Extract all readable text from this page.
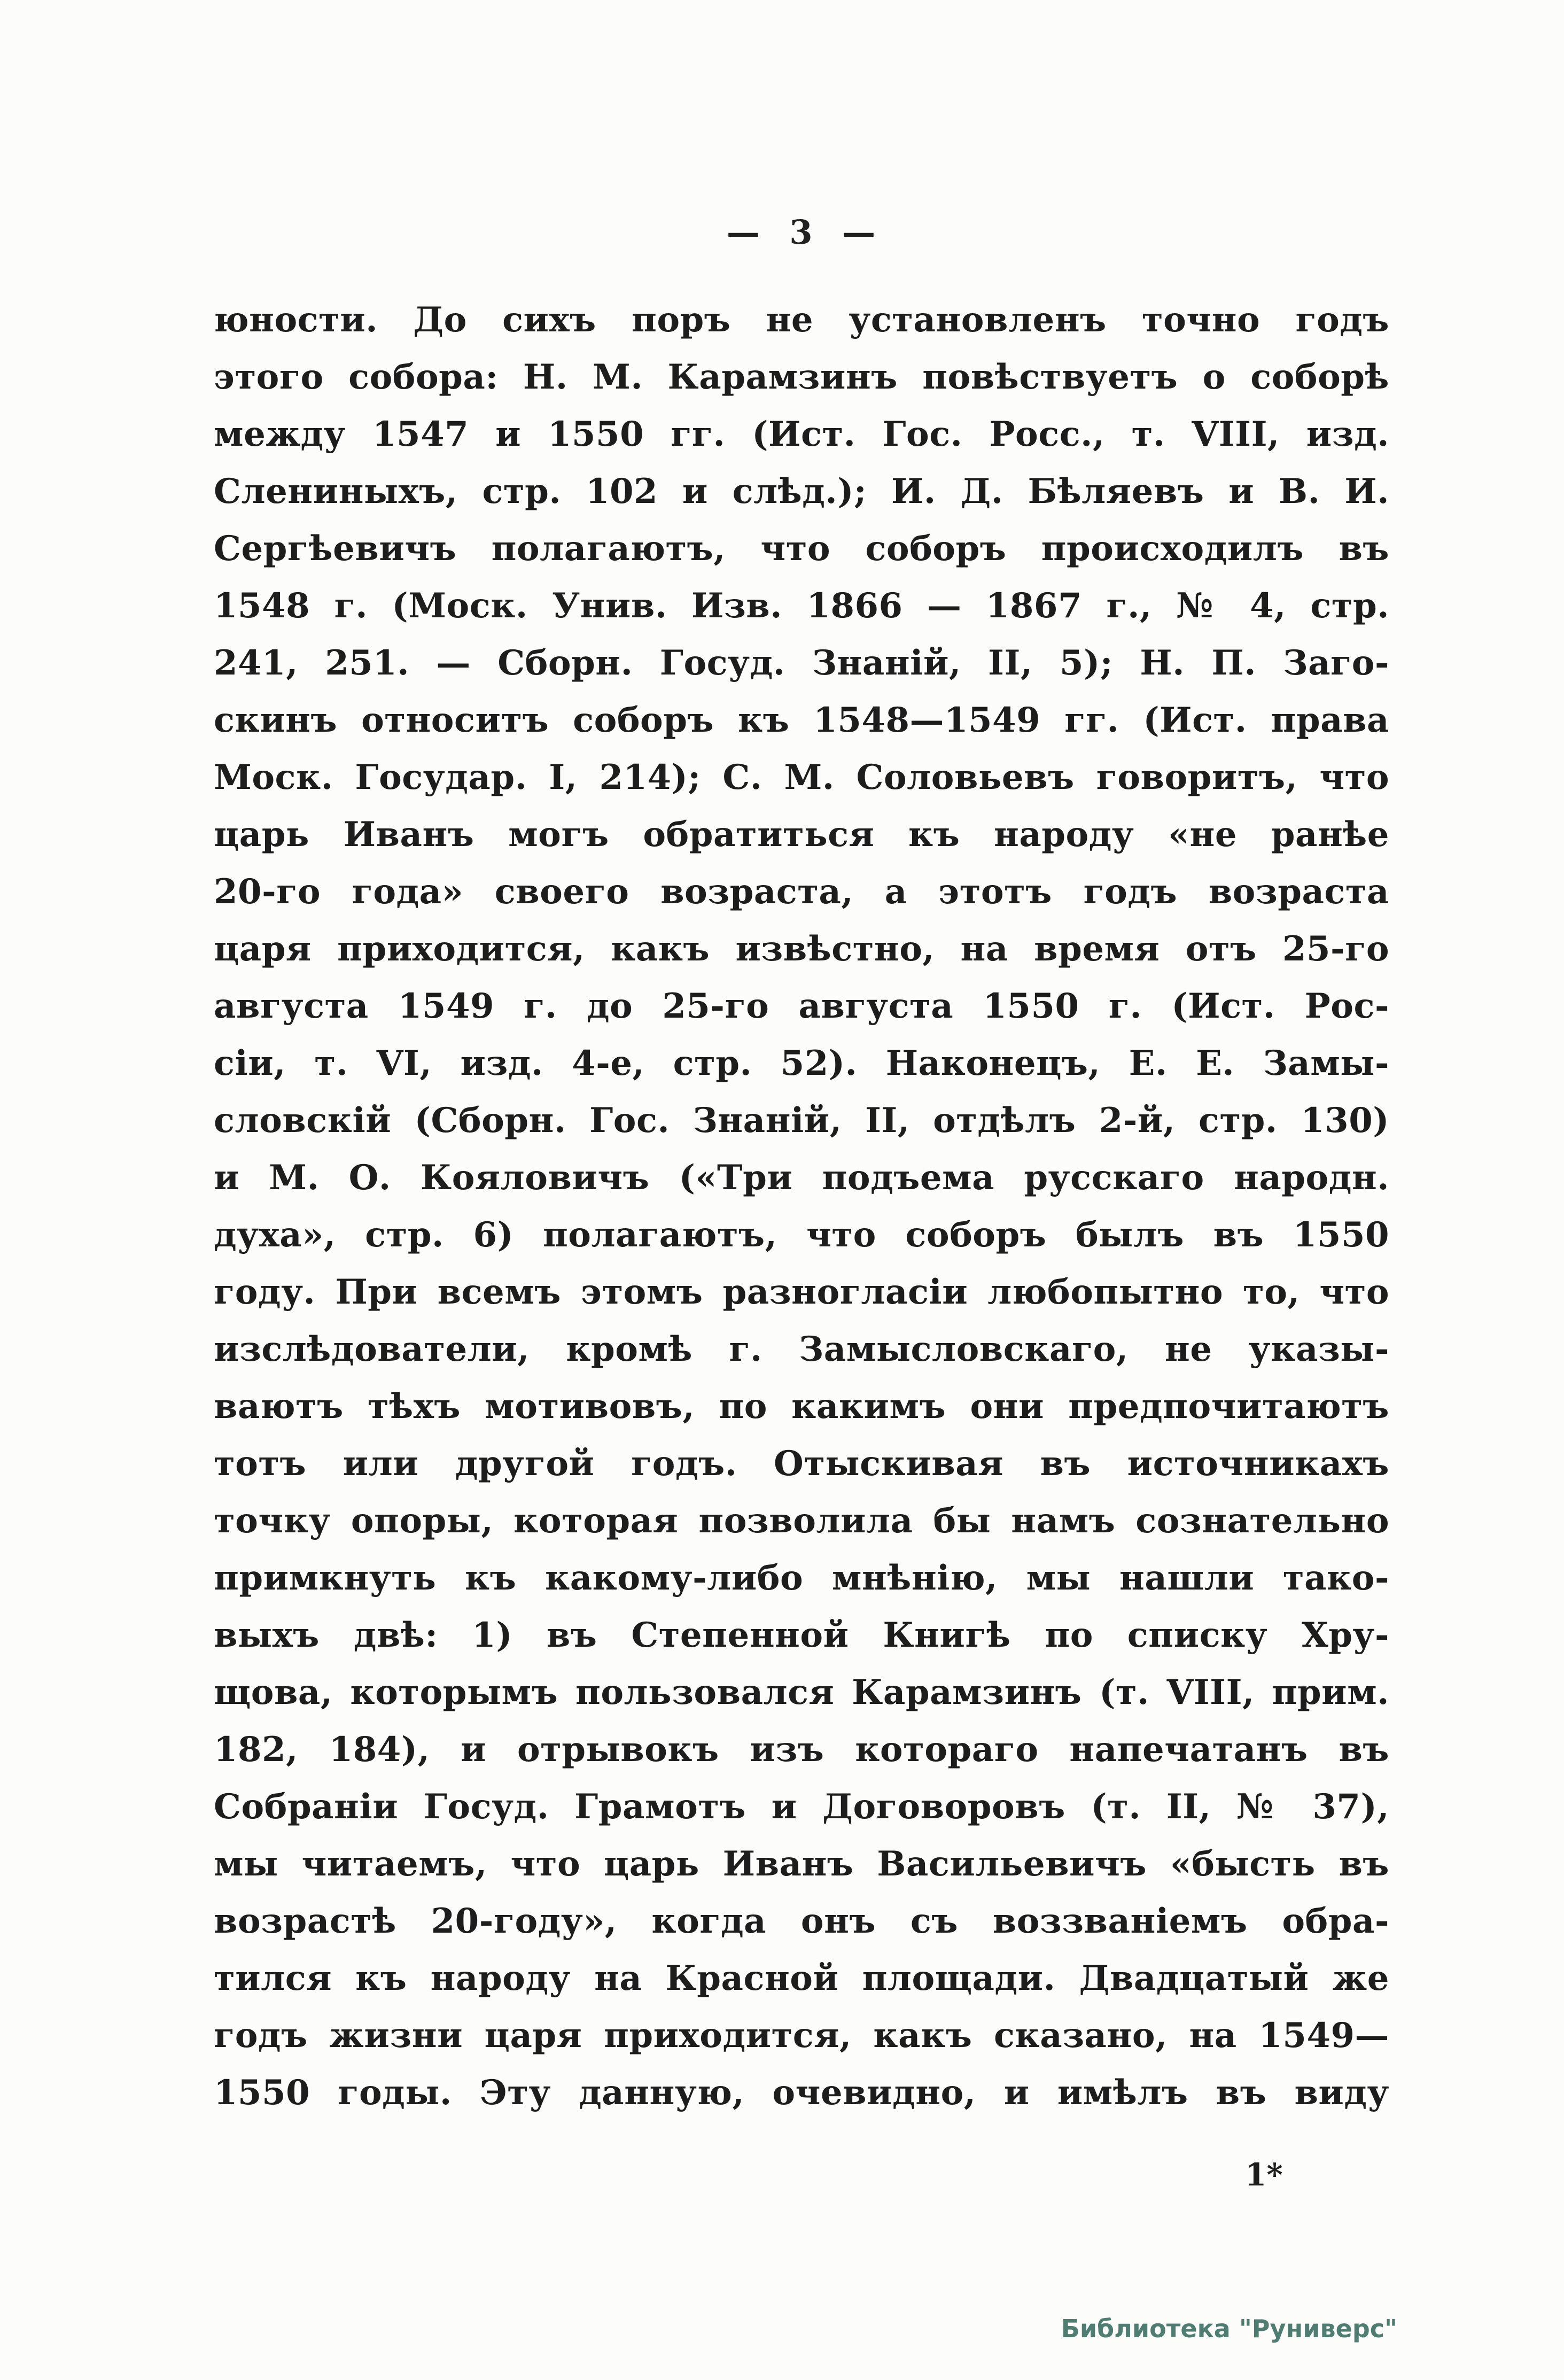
— 3 —
юности. До сихъ поръ не установленъ точно годъ
этого собора: Н. М. Карамзинъ повѣствуетъ о соборѣ
между 1547 и 1550 гг. (Ист. Гос. Росс., т. VIII, изд.
Слениныхъ, стр. 102 и слѣд.); И. Д. Бѣляевъ и В. И.
Сергѣевичъ полагаютъ, что соборъ происходилъ въ
1548 г. (Моск. Унив. Изв. 1866 — 1867 г., № 4, стр.
241, 251. — Сборн. Госуд. Знаній, II, 5); Н. П. Заго-
скинъ относитъ соборъ къ 1548—1549 гг. (Ист. права
Моск. Государ. I, 214); С. М. Соловьевъ говоритъ, что
царь Иванъ могъ обратиться къ народу «не ранѣе
20-го года» своего возраста, а этотъ годъ возраста
царя приходится, какъ извѣстно, на время отъ 25-го
августа 1549 г. до 25-го августа 1550 г. (Ист. Рос-
сіи, т. VI, изд. 4-е, стр. 52). Наконецъ, Е. Е. Замы-
словскій (Сборн. Гос. Знаній, II, отдѣлъ 2-й, стр. 130)
и М. О. Кояловичъ («Три подъема русскаго народн.
духа», стр. 6) полагаютъ, что соборъ былъ въ 1550
году. При всемъ этомъ разногласіи любопытно то, что
изслѣдователи, кромѣ г. Замысловскаго, не указы-
ваютъ тѣхъ мотивовъ, по какимъ они предпочитаютъ
тотъ или другой годъ. Отыскивая въ источникахъ
точку опоры, которая позволила бы намъ сознательно
примкнуть къ какому-либо мнѣнію, мы нашли тако-
выхъ двѣ: 1) въ Степенной Книгѣ по списку Хру-
щова, которымъ пользовался Карамзинъ (т. VIII, прим.
182, 184), и отрывокъ изъ котораго напечатанъ въ
Собраніи Госуд. Грамотъ и Договоровъ (т. II, № 37),
мы читаемъ, что царь Иванъ Васильевичъ «бысть въ
возрастѣ 20-году», когда онъ съ воззваніемъ обра-
тился къ народу на Красной площади. Двадцатый же
годъ жизни царя приходится, какъ сказано, на 1549—
1550 годы. Эту данную, очевидно, и имѣлъ въ виду
1*
Библиотека "Руниверс"
